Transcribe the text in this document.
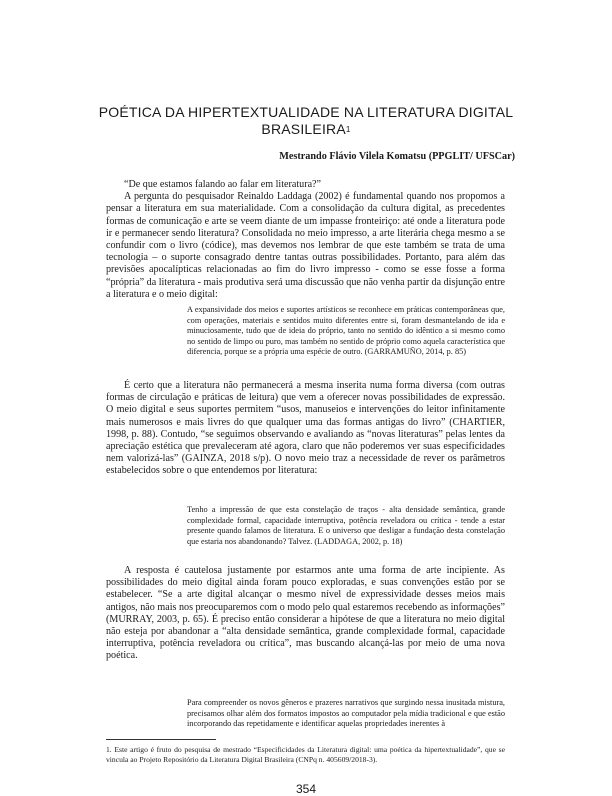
POÉTICA DA HIPERTEXTUALIDADE NA LITERATURA DIGITAL
BRASILEIRA$^1$
Mestrando Flávio Vilela Komatsu (PPGLIT/ UFSCar)

“De que estamos falando ao falar em literatura?”

A pergunta do pesquisador Reinaldo Laddaga (2002) é fundamental quando nos propomos a pensar a literatura em sua materialidade. Com a consolidação da cultura digital, as precedentes formas de comunicação e arte se veem diante de um impasse fronteiriço: até onde a literatura pode ir e permanecer sendo literatura? Consolidada no meio impresso, a arte literária chega mesmo a se confundir com o livro (códice), mas devemos nos lembrar de que este também se trata de uma tecnologia – o suporte consagrado dentre tantas outras possibilidades. Portanto, para além das previsões apocalípticas relacionadas ao fim do livro impresso - como se esse fosse a forma “própria” da literatura - mais produtiva será uma discussão que não venha partir da disjunção entre a literatura e o meio digital:

A expansividade dos meios e suportes artísticos se reconhece em práticas contemporâneas que, com operações, materiais e sentidos muito diferentes entre si, foram desmantelando de ida e minuciosamente, tudo que de ideia do próprio, tanto no sentido do idêntico a si mesmo como no sentido de limpo ou puro, mas também no sentido de próprio como aquela característica que diferencia, porque se a própria uma espécie de outro. (GARRAMUÑO, 2014, p. 85)

É certo que a literatura não permanecerá a mesma inserita numa forma diversa (com outras formas de circulação e práticas de leitura) que vem a oferecer novas possibilidades de expressão. O meio digital e seus suportes permitem “usos, manuseios e intervenções do leitor infinitamente mais numerosos e mais livres do que qualquer uma das formas antigas do livro” (CHARTIER, 1998, p. 88). Contudo, “se seguimos observando e avaliando as “novas literaturas” pelas lentes da apreciação estética que prevaleceram até agora, claro que não poderemos ver suas especificidades nem valorizá-las” (GAINZA, 2018 s/p). O novo meio traz a necessidade de rever os parâmetros estabelecidos sobre o que entendemos por literatura:

Tenho a impressão de que esta constelação de traços - alta densidade semântica, grande complexidade formal, capacidade interruptiva, potência reveladora ou crítica - tende a estar presente quando falamos de literatura. E o universo que desligar a fundação desta constelação que estaria nos abandonando? Talvez. (LADDAGA, 2002, p. 18)

A resposta é cautelosa justamente por estarmos ante uma forma de arte incipiente. As possibilidades do meio digital ainda foram pouco exploradas, e suas convenções estão por se estabelecer. “Se a arte digital alcançar o mesmo nível de expressividade desses meios mais antigos, não mais nos preocuparemos com o modo pelo qual estaremos recebendo as informações” (MURRAY, 2003, p. 65). É preciso então considerar a hipótese de que a literatura no meio digital não esteja por abandonar a “alta densidade semântica, grande complexidade formal, capacidade interruptiva, potência reveladora ou crítica”, mas buscando alcançá-las por meio de uma nova poética.

Para compreender os novos gêneros e prazeres narrativos que surgindo nessa inusitada mistura, precisamos olhar além dos formatos impostos ao computador pela mídia tradicional e que estão incorporando das repetidamente e identificar aquelas propriedades inerentes à
1. Este artigo é fruto do pesquisa de mestrado “Especificidades da Literatura digital: uma poética da hipertextualidade”, que se vincula ao Projeto Repositório da Literatura Digital Brasileira (CNPq n. 405609/2018-3).
354
